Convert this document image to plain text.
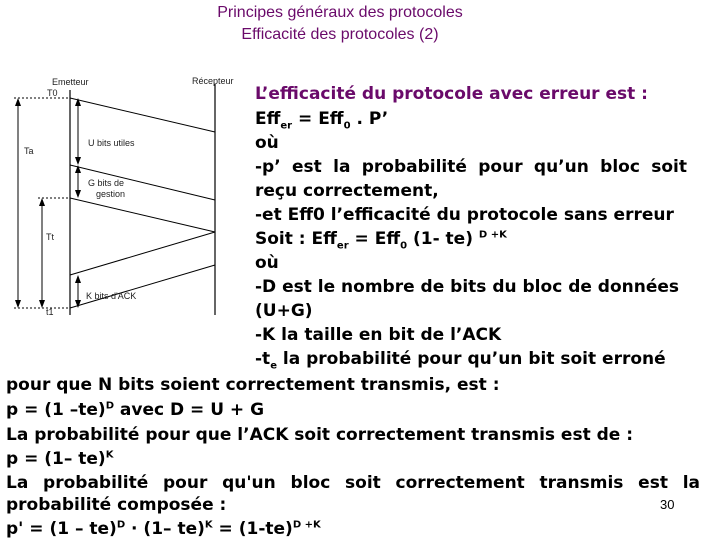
Principes généraux des protocoles
Efficacité des protocoles (2)
Emetteur	Récepteur
T0
Ta
Tt
t1
U bits utiles
G bits de
gestion
K bits d'ACK
L’efficacité du protocole avec erreur est :
Eff$_{er}$ = Eff$_0$ . P’
où
-p’ est la probabilité pour qu’un bloc soit
reçu correctement,
-et Eff0 l’efficacité du protocole sans erreur
Soit : Eff$_{er}$ = Eff$_0$ (1- te) $^{D +K}$
où
-D est le nombre de bits du bloc de données
(U+G)
-K la taille en bit de l’ACK
$-t_e$ la probabilité pour qu’un bit soit erroné
pour que N bits soient correctement transmis, est :
p = (1 –te)$^D$ avec D = U + G
La probabilité pour que l’ACK soit correctement transmis est de :
p = (1– te)$^K$
La probabilité pour qu'un bloc soit correctement transmis est la
probabilité composée :
p' = (1 – te)$^D$ · (1– $te)^K = (1-te)^{D +K}$
30
